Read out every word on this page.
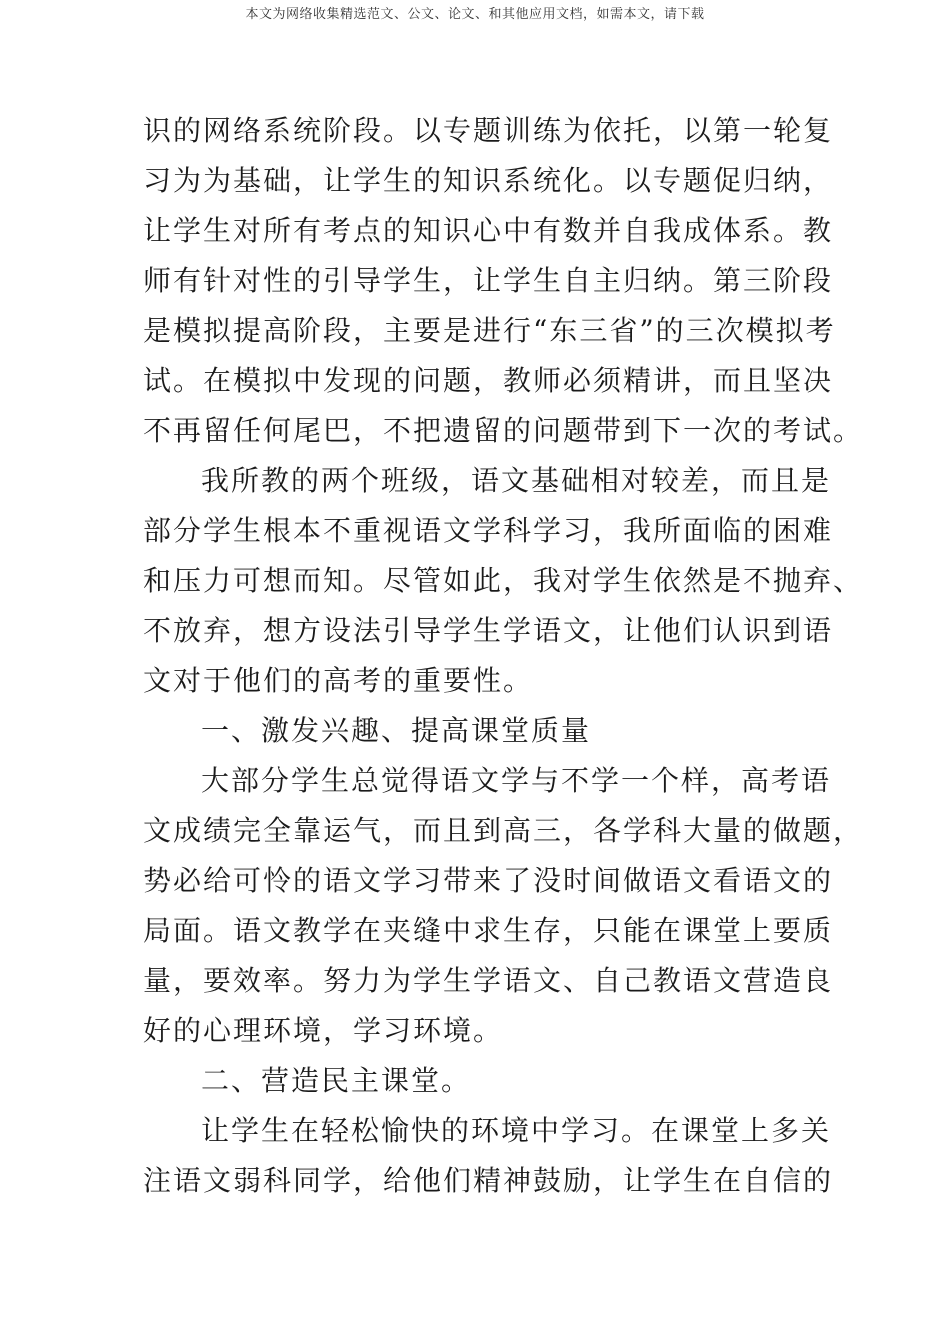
本文为网络收集精选范文、公文、论文、和其他应用文档，如需本文，请下载
识的网络系统阶段。以专题训练为依托，以第一轮复
习为为基础，让学生的知识系统化。以专题促归纳，
让学生对所有考点的知识心中有数并自我成体系。教
师有针对性的引导学生，让学生自主归纳。第三阶段
是模拟提高阶段，主要是进行“东三省”的三次模拟考
试。在模拟中发现的问题，教师必须精讲，而且坚决
不再留任何尾巴，不把遗留的问题带到下一次的考试。
我所教的两个班级，语文基础相对较差，而且是
部分学生根本不重视语文学科学习，我所面临的困难
和压力可想而知。尽管如此，我对学生依然是不抛弃、
不放弃，想方设法引导学生学语文，让他们认识到语
文对于他们的高考的重要性。
一、激发兴趣、提高课堂质量
大部分学生总觉得语文学与不学一个样，高考语
文成绩完全靠运气，而且到高三，各学科大量的做题，
势必给可怜的语文学习带来了没时间做语文看语文的
局面。语文教学在夹缝中求生存，只能在课堂上要质
量，要效率。努力为学生学语文、自己教语文营造良
好的心理环境，学习环境。
二、营造民主课堂。
让学生在轻松愉快的环境中学习。在课堂上多关
注语文弱科同学，给他们精神鼓励，让学生在自信的
